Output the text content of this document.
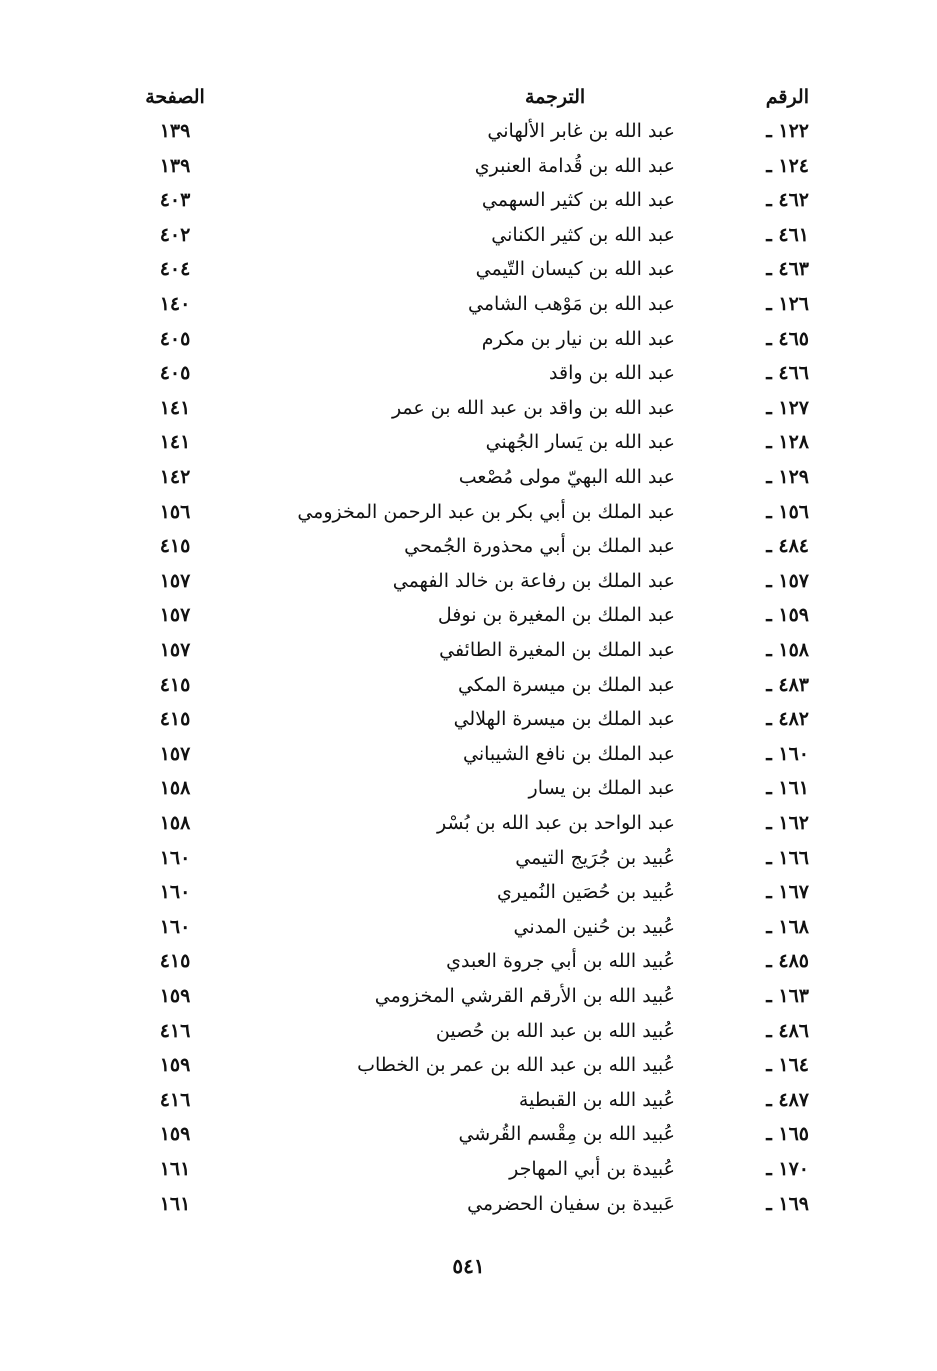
الرقم
الترجمة
الصفحة
١٢٢ ـ
عبد الله بن غابر الألهاني
١٣٩
١٢٤ ـ
عبد الله بن قُدامة العنبري
١٣٩
٤٦٢ ـ
عبد الله بن كثير السهمي
٤٠٣
٤٦١ ـ
عبد الله بن كثير الكناني
٤٠٢
٤٦٣ ـ
عبد الله بن كيسان التّيمي
٤٠٤
١٢٦ ـ
عبد الله بن مَوْهب الشامي
١٤٠
٤٦٥ ـ
عبد الله بن نيار بن مكرم
٤٠٥
٤٦٦ ـ
عبد الله بن واقد
٤٠٥
١٢٧ ـ
عبد الله بن واقد بن عبد الله بن عمر
١٤١
١٢٨ ـ
عبد الله بن يَسار الجُهني
١٤١
١٢٩ ـ
عبد الله البهيّ مولى مُصْعب
١٤٢
١٥٦ ـ
عبد الملك بن أبي بكر بن عبد الرحمن المخزومي
١٥٦
٤٨٤ ـ
عبد الملك بن أبي محذورة الجُمحي
٤١٥
١٥٧ ـ
عبد الملك بن رفاعة بن خالد الفهمي
١٥٧
١٥٩ ـ
عبد الملك بن المغيرة بن نوفل
١٥٧
١٥٨ ـ
عبد الملك بن المغيرة الطائفي
١٥٧
٤٨٣ ـ
عبد الملك بن ميسرة المكي
٤١٥
٤٨٢ ـ
عبد الملك بن ميسرة الهلالي
٤١٥
١٦٠ ـ
عبد الملك بن نافع الشيباني
١٥٧
١٦١ ـ
عبد الملك بن يسار
١٥٨
١٦٢ ـ
عبد الواحد بن عبد الله بن بُسْر
١٥٨
١٦٦ ـ
عُبيد بن جُرَيج التيمي
١٦٠
١٦٧ ـ
عُبيد بن حُصَين النُميري
١٦٠
١٦٨ ـ
عُبيد بن حُنين المدني
١٦٠
٤٨٥ ـ
عُبيد الله بن أبي جروة العبدي
٤١٥
١٦٣ ـ
عُبيد الله بن الأرقم القرشي المخزومي
١٥٩
٤٨٦ ـ
عُبيد الله بن عبد الله بن حُصين
٤١٦
١٦٤ ـ
عُبيد الله بن عبد الله بن عمر بن الخطاب
١٥٩
٤٨٧ ـ
عُبيد الله بن القبطية
٤١٦
١٦٥ ـ
عُبيد الله بن مِقْسم القُرشي
١٥٩
١٧٠ ـ
عُبيدة بن أبي المهاجر
١٦١
١٦٩ ـ
عَبيدة بن سفيان الحضرمي
١٦١
٥٤١
